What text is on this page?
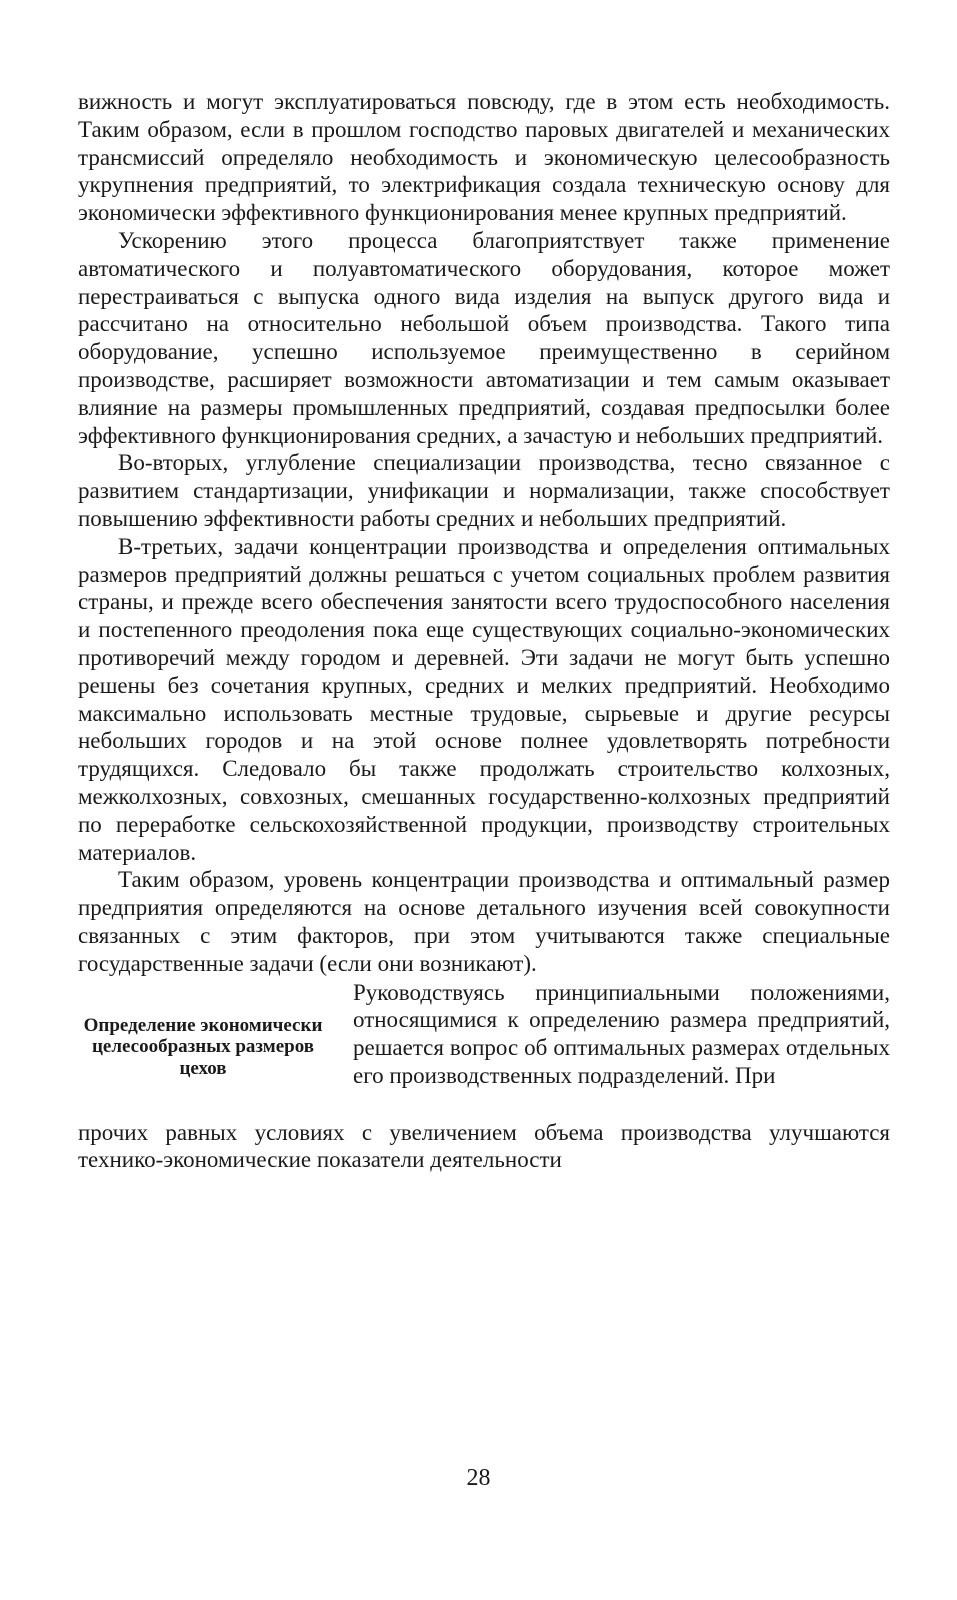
вижность и могут эксплуатироваться повсюду, где в этом есть необходимость. Таким образом, если в прошлом господство паровых двигателей и механических трансмиссий определяло необходимость и экономическую целесообразность укрупнения предприятий, то электрификация создала техническую основу для экономически эффективного функционирования менее крупных предприятий.

Ускорению этого процесса благоприятствует также применение автоматического и полуавтоматического оборудования, которое может перестраиваться с выпуска одного вида изделия на выпуск другого вида и рассчитано на относительно небольшой объем производства. Такого типа оборудование, успешно используемое преимущественно в серийном производстве, расширяет возможности автоматизации и тем самым оказывает влияние на размеры промышленных предприятий, создавая предпосылки более эффективного функционирования средних, а зачастую и небольших предприятий.

Во-вторых, углубление специализации производства, тесно связанное с развитием стандартизации, унификации и нормализации, также способствует повышению эффективности работы средних и небольших предприятий.

В-третьих, задачи концентрации производства и определения оптимальных размеров предприятий должны решаться с учетом социальных проблем развития страны, и прежде всего обеспечения занятости всего трудоспособного населения и постепенного преодоления пока еще существующих социально-экономических противоречий между городом и деревней. Эти задачи не могут быть успешно решены без сочетания крупных, средних и мелких предприятий. Необходимо максимально использовать местные трудовые, сырьевые и другие ресурсы небольших городов и на этой основе полнее удовлетворять потребности трудящихся. Следовало бы также продолжать строительство колхозных, межколхозных, совхозных, смешанных государственно-колхозных предприятий по переработке сельскохозяйственной продукции, производству строительных материалов.

Таким образом, уровень концентрации производства и оптимальный размер предприятия определяются на основе детального изучения всей совокупности связанных с этим факторов, при этом учитываются также специальные государственные задачи (если они возникают).

Определение экономически целесообразных размеров цехов

Руководствуясь принципиальными положениями, относящимися к определению размера предприятий, решается вопрос об оптимальных размерах отдельных его производственных подразделений. При

прочих равных условиях с увеличением объема производства улучшаются технико-экономические показатели деятельности

28
